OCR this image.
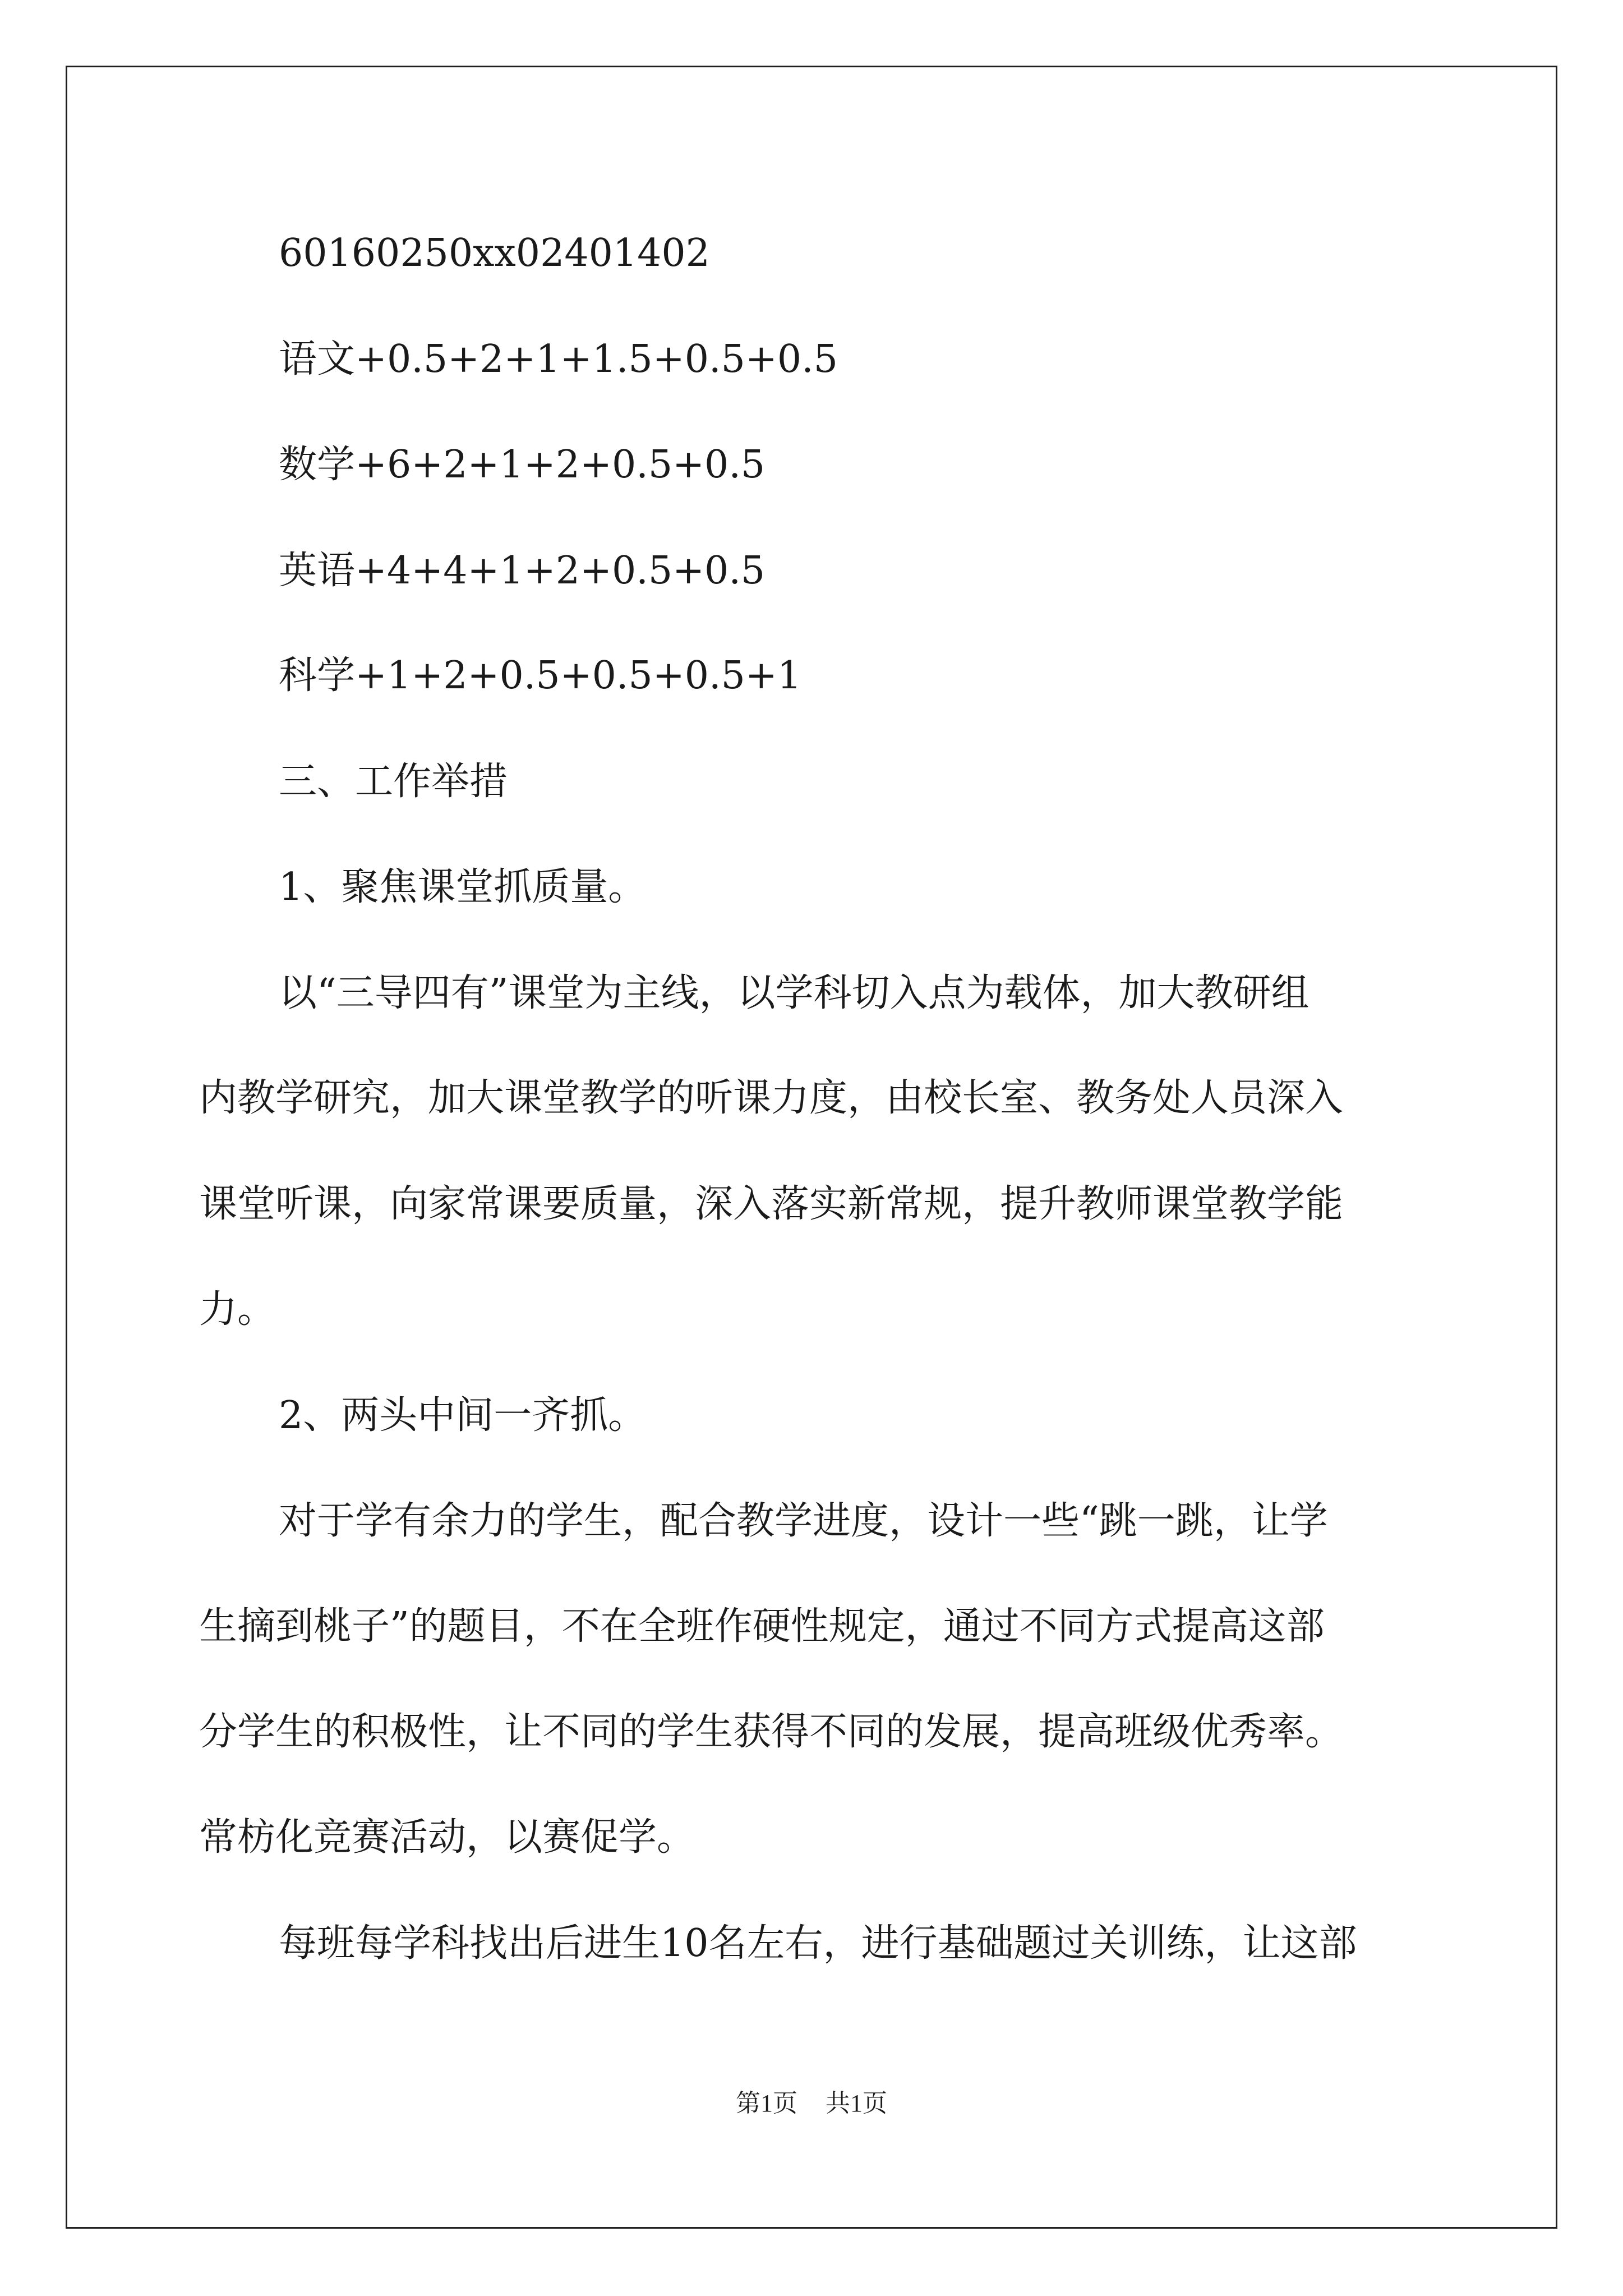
60160250xx02401402
语文+0.5+2+1+1.5+0.5+0.5
数学+6+2+1+2+0.5+0.5
英语+4+4+1+2+0.5+0.5
科学+1+2+0.5+0.5+0.5+1
三、工作举措
1、聚焦课堂抓质量。
以“三导四有”课堂为主线，以学科切入点为载体，加大教研组
内教学研究，加大课堂教学的听课力度，由校长室、教务处人员深入
课堂听课，向家常课要质量，深入落实新常规，提升教师课堂教学能
力。
2、两头中间一齐抓。
对于学有余力的学生，配合教学进度，设计一些“跳一跳，让学
生摘到桃子”的题目，不在全班作硬性规定，通过不同方式提高这部
分学生的积极性，让不同的学生获得不同的发展，提高班级优秀率。
常枋化竞赛活动，以赛促学。
每班每学科找出后进生10名左右，进行基础题过关训练，让这部
第1页 共1页
